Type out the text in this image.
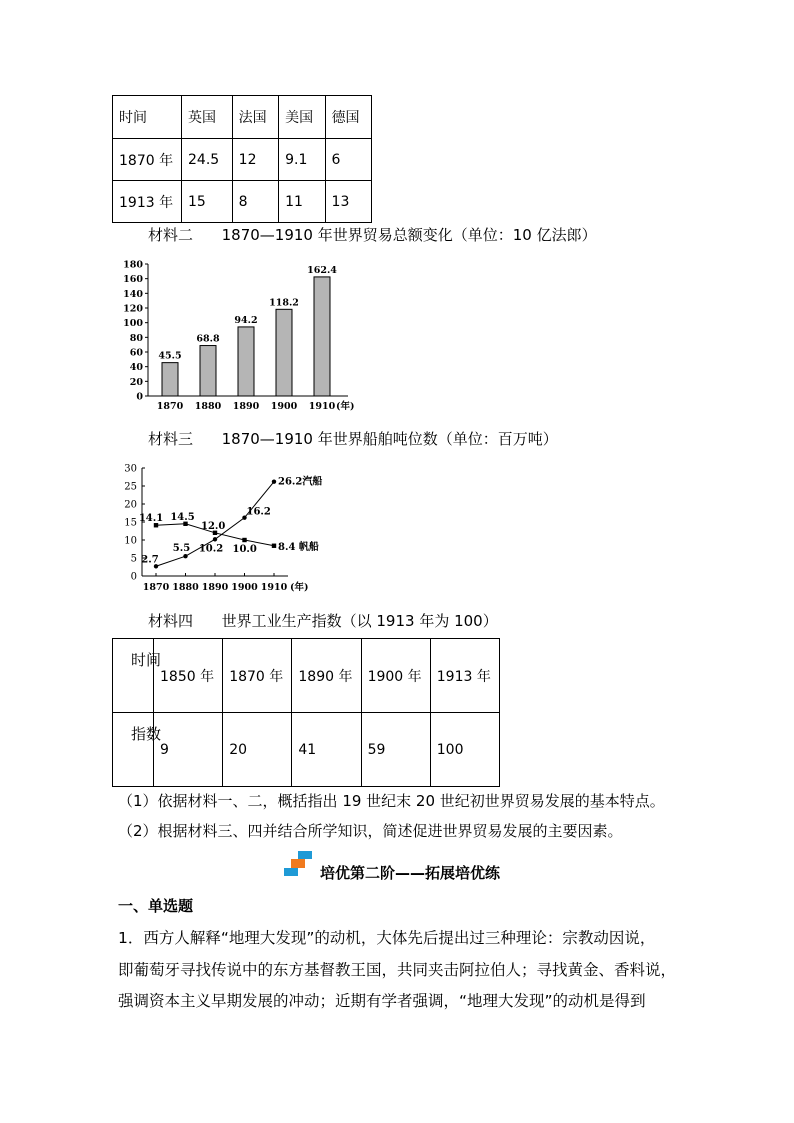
时间	英国	法国	美国	德国
1870 年	24.5	12	9.1	6
1913 年	15	8	11	13
材料二      1870—1910 年世界贸易总额变化（单位：10 亿法郎）
0
20
40
60
80
100
120
140
160
180
45.5
1870
68.8
1880
94.2
1890
118.2
1900
162.4
1910 (年)
材料三      1870—1910 年世界船舶吨位数（单位：百万吨）
0
5
10
15
20
25
30
1870 1880 1890 1900 1910 (年)
2.7
5.5 10.2
16.2
26.2汽船
14.1 14.5
12.0
10.0 8.4 帆船
材料四      世界工业生产指数（以 1913 年为 100）
时间	1850 年	1870 年	1890 年	1900 年	1913 年

指数	9	20	41	59	100
（1）依据材料一、二，概括指出 19 世纪末 20 世纪初世界贸易发展的基本特点。
（2）根据材料三、四并结合所学知识，简述促进世界贸易发展的主要因素。
培优第二阶——拓展培优练
一、单选题
1．西方人解释“地理大发现”的动机，大体先后提出过三种理论：宗教动因说，
即葡萄牙寻找传说中的东方基督教王国，共同夹击阿拉伯人；寻找黄金、香料说，
强调资本主义早期发展的冲动；近期有学者强调，“地理大发现”的动机是得到
